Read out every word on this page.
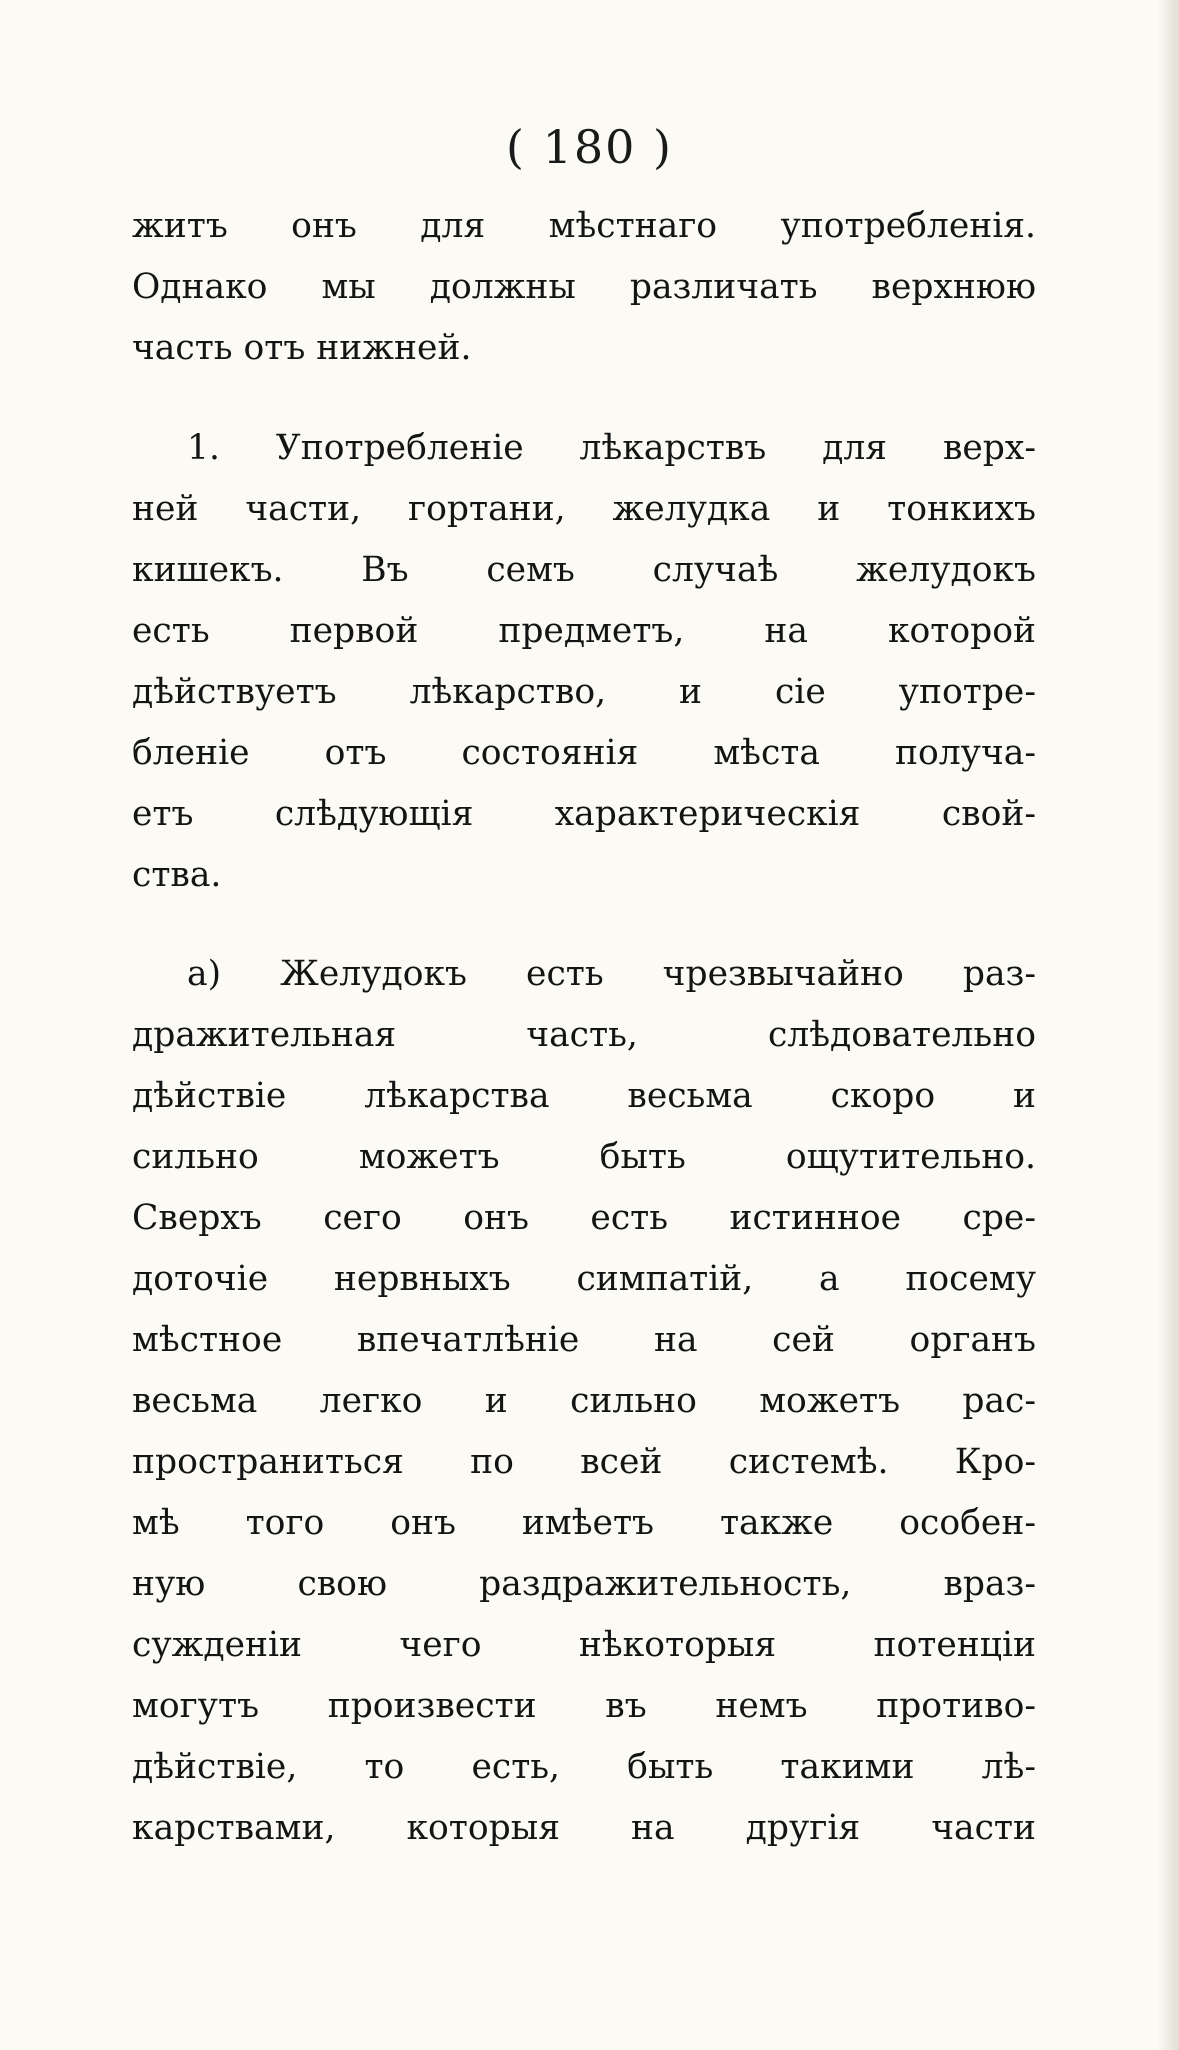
( 180 )
житъ онъ для мѣстнаго употребленія.
Однако мы должны различать верхнюю
часть отъ нижней.
1. Употребленіе лѣкарствъ для верх-
ней части, гортани, желудка и тонкихъ
кишекъ. Въ семъ случаѣ желудокъ
есть первой предметъ, на которой
дѣйствуетъ лѣкарство, и сіе употре-
бленіе отъ состоянія мѣста получа-
етъ слѣдующія характерическія свой-
ства.
а) Желудокъ есть чрезвычайно раз-
дражительная часть, слѣдовательно
дѣйствіе лѣкарства весьма скоро и
сильно можетъ быть ощутительно.
Сверхъ сего онъ есть истинное сре-
доточіе нервныхъ симпатій, а посему
мѣстное впечатлѣніе на сей органъ
весьма легко и сильно можетъ рас-
пространиться по всей системѣ. Кро-
мѣ того онъ имѣетъ также особен-
ную свою раздражительность, враз-
сужденіи чего нѣкоторыя потенціи
могутъ произвести въ немъ противо-
дѣйствіе, то есть, быть такими лѣ-
карствами, которыя на другія части
